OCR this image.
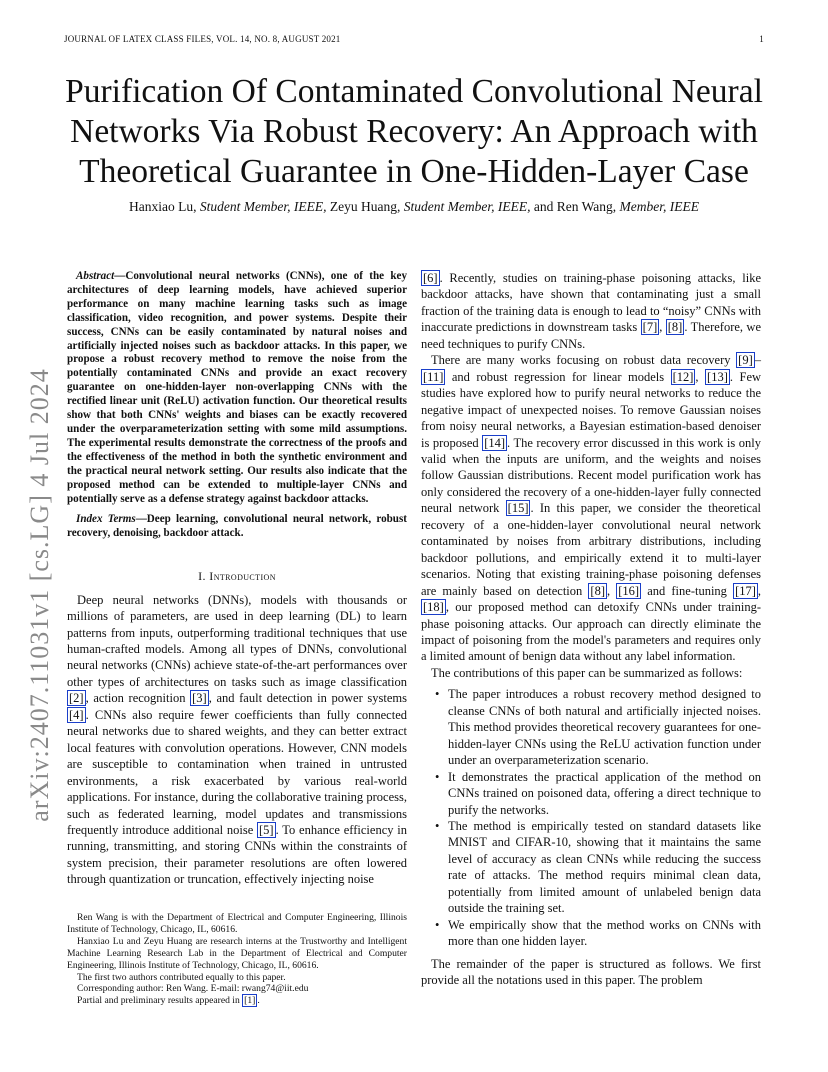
JOURNAL OF LATEX CLASS FILES, VOL. 14, NO. 8, AUGUST 2021	1
arXiv:2407.11031v1 [cs.LG] 4 Jul 2024
Purification Of Contaminated Convolutional Neural
Networks Via Robust Recovery: An Approach with
Theoretical Guarantee in One-Hidden-Layer Case
Hanxiao Lu, Student Member, IEEE, Zeyu Huang, Student Member, IEEE, and Ren Wang, Member, IEEE

Abstract—Convolutional neural networks (CNNs), one of the key architectures of deep learning models, have achieved superior performance on many machine learning tasks such as image classification, video recognition, and power systems. Despite their success, CNNs can be easily contaminated by natural noises and artificially injected noises such as backdoor attacks. In this paper, we propose a robust recovery method to remove the noise from the potentially contaminated CNNs and provide an exact recovery guarantee on one-hidden-layer non-overlapping CNNs with the rectified linear unit (ReLU) activation function. Our theoretical results show that both CNNs' weights and biases can be exactly recovered under the overparameterization setting with some mild assumptions. The experimental results demonstrate the correctness of the proofs and the effectiveness of the method in both the synthetic environment and the practical neural network setting. Our results also indicate that the proposed method can be extended to multiple-layer CNNs and potentially serve as a defense strategy against backdoor attacks.

Index Terms—Deep learning, convolutional neural network, robust recovery, denoising, backdoor attack.

I. Introduction

Deep neural networks (DNNs), models with thousands or millions of parameters, are used in deep learning (DL) to learn patterns from inputs, outperforming traditional techniques that use human-crafted models. Among all types of DNNs, convolutional neural networks (CNNs) achieve state-of-the-art performances over other types of architectures on tasks such as image classification [2] , action recognition [3] , and fault detection in power systems [4] . CNNs also require fewer coefficients than fully connected neural networks due to shared weights, and they can better extract local features with convolution operations. However, CNN models are susceptible to contamination when trained in untrusted environments, a risk exacerbated by various real-world applications. For instance, during the collaborative training process, such as federated learning, model updates and transmissions frequently introduce additional noise [5] . To enhance efficiency in running, transmitting, and storing CNNs within the constraints of system precision, their parameter resolutions are often lowered through quantization or truncation, effectively injecting noise

Ren Wang is with the Department of Electrical and Computer Engineering, Illinois Institute of Technology, Chicago, IL, 60616.

Hanxiao Lu and Zeyu Huang are research interns at the Trustworthy and Intelligent Machine Learning Research Lab in the Department of Electrical and Computer Engineering, Illinois Institute of Technology, Chicago, IL, 60616.

The first two authors contributed equally to this paper.

Corresponding author: Ren Wang. E-mail: rwang74@iit.edu

Partial and preliminary results appeared in [1] .

[6] . Recently, studies on training-phase poisoning attacks, like backdoor attacks, have shown that contaminating just a small fraction of the training data is enough to lead to “noisy” CNNs with inaccurate predictions in downstream tasks [7] , [8] . Therefore, we need techniques to purify CNNs.

There are many works focusing on robust data recovery [9] –[11] and robust regression for linear models [12] , [13] . Few studies have explored how to purify neural networks to reduce the negative impact of unexpected noises. To remove Gaussian noises from noisy neural networks, a Bayesian estimation-based denoiser is proposed [14] . The recovery error discussed in this work is only valid when the inputs are uniform, and the weights and noises follow Gaussian distributions. Recent model purification work has only considered the recovery of a one-hidden-layer fully connected neural network [15] . In this paper, we consider the theoretical recovery of a one-hidden-layer convolutional neural network contaminated by noises from arbitrary distributions, including backdoor pollutions, and empirically extend it to multi-layer scenarios. Noting that existing training-phase poisoning defenses are mainly based on detection [8] , [16] and fine-tuning [17] , [18] , our proposed method can detoxify CNNs under training-phase poisoning attacks. Our approach can directly eliminate the impact of poisoning from the model's parameters and requires only a limited amount of benign data without any label information.

The contributions of this paper can be summarized as follows:

• The paper introduces a robust recovery method designed to cleanse CNNs of both natural and artificially injected noises. This method provides theoretical recovery guarantees for one-hidden-layer CNNs using the ReLU activation function under under an overparameterization scenario.
• It demonstrates the practical application of the method on CNNs trained on poisoned data, offering a direct technique to purify the networks.
• The method is empirically tested on standard datasets like MNIST and CIFAR-10, showing that it maintains the same level of accuracy as clean CNNs while reducing the success rate of attacks. The method requirs minimal clean data, potentially from limited amount of unlabeled benign data outside the training set.
• We empirically show that the method works on CNNs with more than one hidden layer.

The remainder of the paper is structured as follows. We first provide all the notations used in this paper. The problem
